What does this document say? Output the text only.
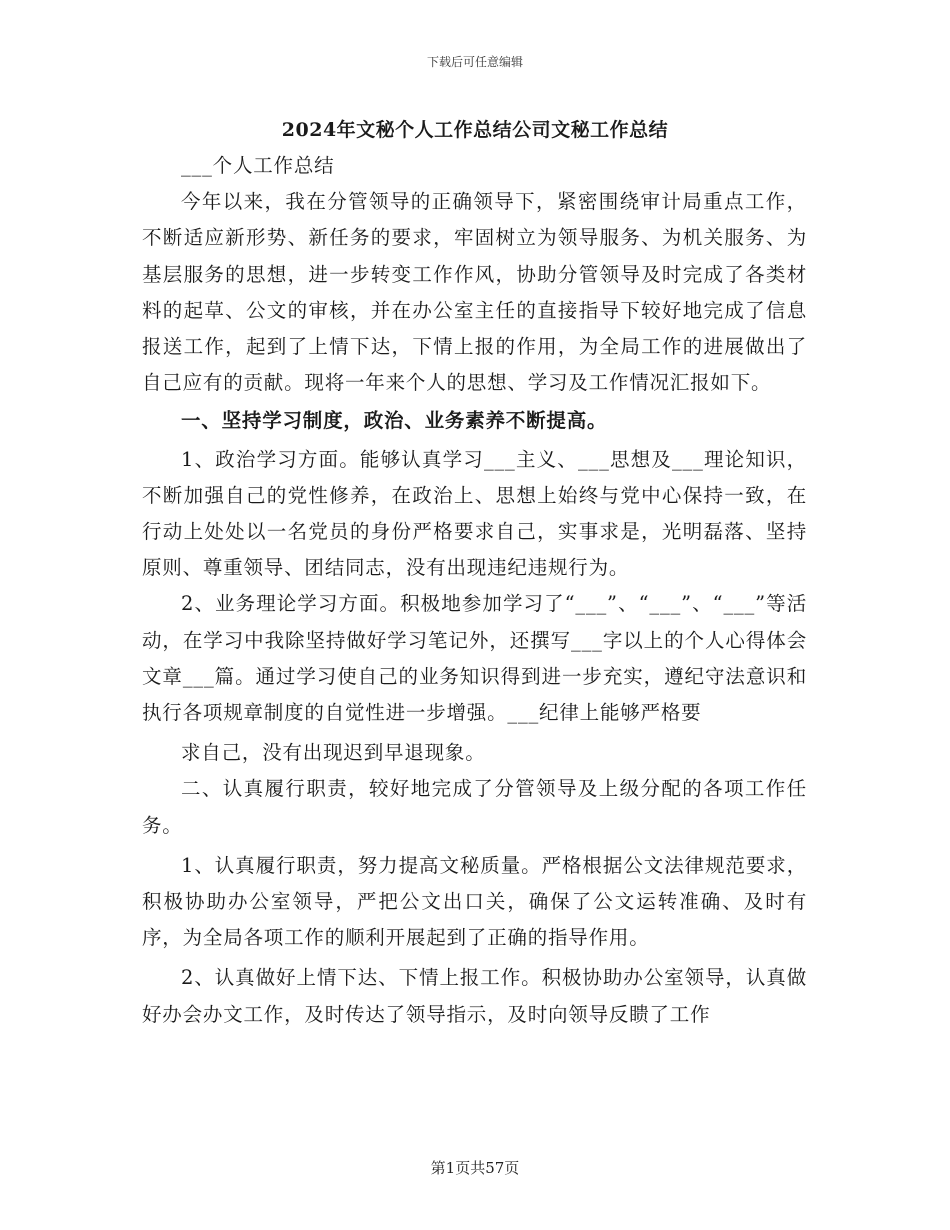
下载后可任意编辑
2024年文秘个人工作总结公司文秘工作总结

___个人工作总结

今年以来，我在分管领导的正确领导下，紧密围绕审计局重点工作，不断适应新形势、新任务的要求，牢固树立为领导服务、为机关服务、为基层服务的思想，进一步转变工作作风，协助分管领导及时完成了各类材料的起草、公文的审核，并在办公室主任的直接指导下较好地完成了信息报送工作，起到了上情下达，下情上报的作用，为全局工作的进展做出了自己应有的贡献。现将一年来个人的思想、学习及工作情况汇报如下。

一、坚持学习制度，政治、业务素养不断提高。

1、政治学习方面。能够认真学习___主义、___思想及___理论知识，不断加强自己的党性修养，在政治上、思想上始终与党中心保持一致，在行动上处处以一名党员的身份严格要求自己，实事求是，光明磊落、坚持原则、尊重领导、团结同志，没有出现违纪违规行为。

2、业务理论学习方面。积极地参加学习了“___”、“___”、“___”等活动，在学习中我除坚持做好学习笔记外，还撰写___字以上的个人心得体会文章___篇。通过学习使自己的业务知识得到进一步充实，遵纪守法意识和执行各项规章制度的自觉性进一步增强。___纪律上能够严格要

求自己，没有出现迟到早退现象。

二、认真履行职责，较好地完成了分管领导及上级分配的各项工作任务。

1、认真履行职责，努力提高文秘质量。严格根据公文法律规范要求，积极协助办公室领导，严把公文出口关，确保了公文运转准确、及时有序，为全局各项工作的顺利开展起到了正确的指导作用。

2、认真做好上情下达、下情上报工作。积极协助办公室领导，认真做好办会办文工作，及时传达了领导指示，及时向领导反瞆了工作

第1页共57页
